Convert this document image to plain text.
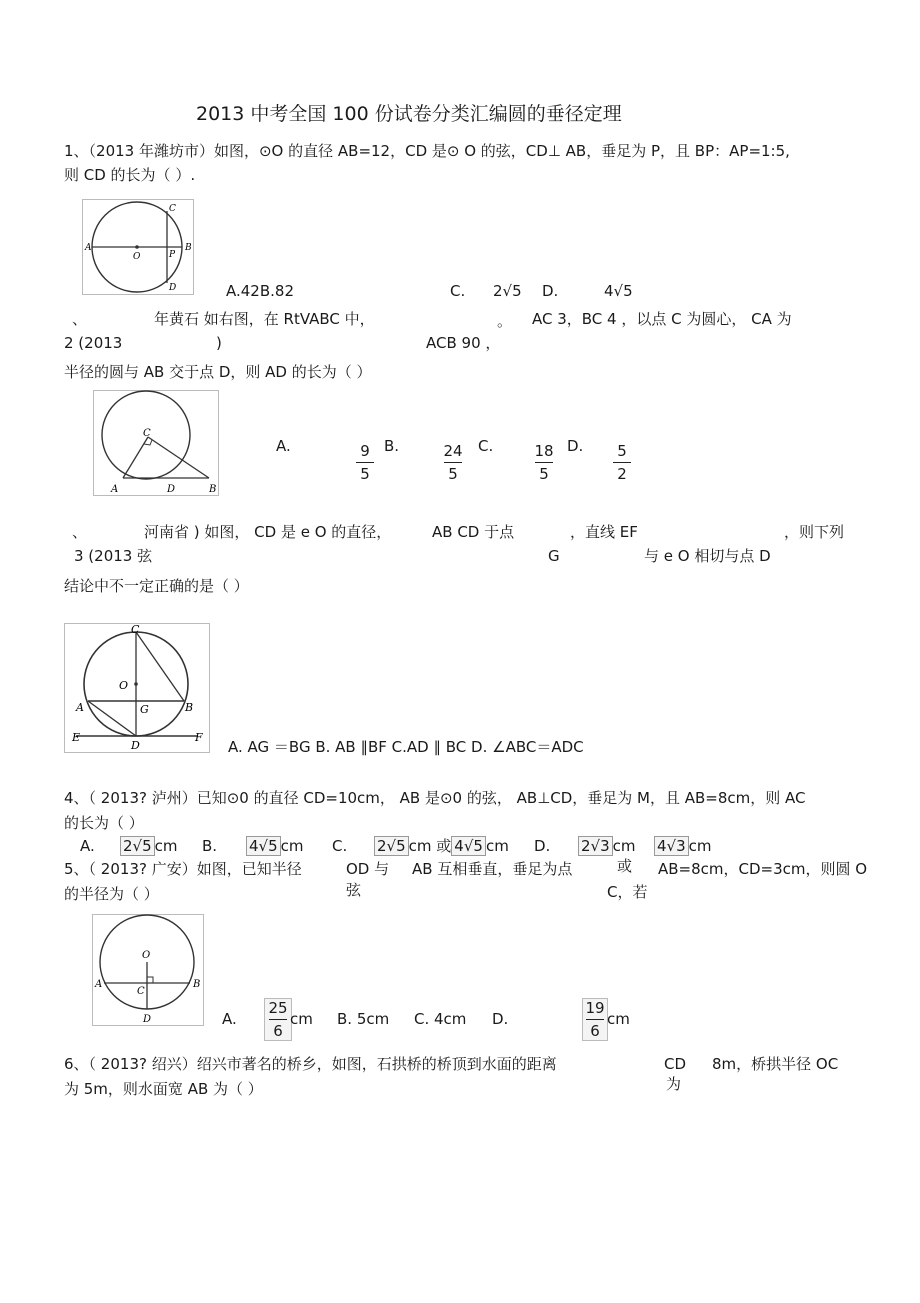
2013 中考全国 100 份试卷分类汇编圆的垂径定理
1、（2013 年潍坊市）如图，⊙O 的直径 AB=12，CD 是⊙ O 的弦，CD⊥ AB，垂足为 P，且 BP：AP=1:5,
则 CD 的长为（ ）.
A	B
C
D
O	P
A.42B.82	C. 2√5 D.	4√5
、	年黄石 如右图，在 RtVABC 中，	。 AC 3，BC 4 ，以点 C 为圆心， CA 为
2 (2013	)	ACB 90 ，
半径的圆与 AB 交于点 D，则 AD 的长为（ ）
C
A	D	B
A.	9
5
B.	24
5
C.	18
5
D.	5
2
、	河南省 ) 如图， CD 是 e O 的直径，	AB CD 于点	，直线 EF	，则下列
3 (2013 弦	G	与 e O 相切与点 D
结论中不一定正确的是（ ）
C
O
G
A	B
D
E	F
A. AG ＝BG B. AB ∥BF C.AD ∥ BC D. ∠ABC＝ADC
4、（ 2013? 泸州）已知⊙0 的直径 CD=10cm， AB 是⊙0 的弦， AB⊥CD，垂足为 M，且 AB=8cm，则 AC
的长为（ ）
A. 2√5 cm B. 4√5 cm C. 2√5 cm 或 4√5 cm D. 2√3 cm 4√3 cm
5、（ 2013? 广安）如图，已知半径	OD 与 AB 互相垂直，垂足为点	或 AB=8cm，CD=3cm，则圆 O
弦	C，若
的半径为（ ）
O
A	B
C
D	A.
25
6
cm B. 5cm C. 4cm D.
19
6
cm
6、（ 2013? 绍兴）绍兴市著名的桥乡，如图，石拱桥的桥顶到水面的距离	CD 8m，桥拱半径 OC
为
为 5m，则水面宽 AB 为（ ）
